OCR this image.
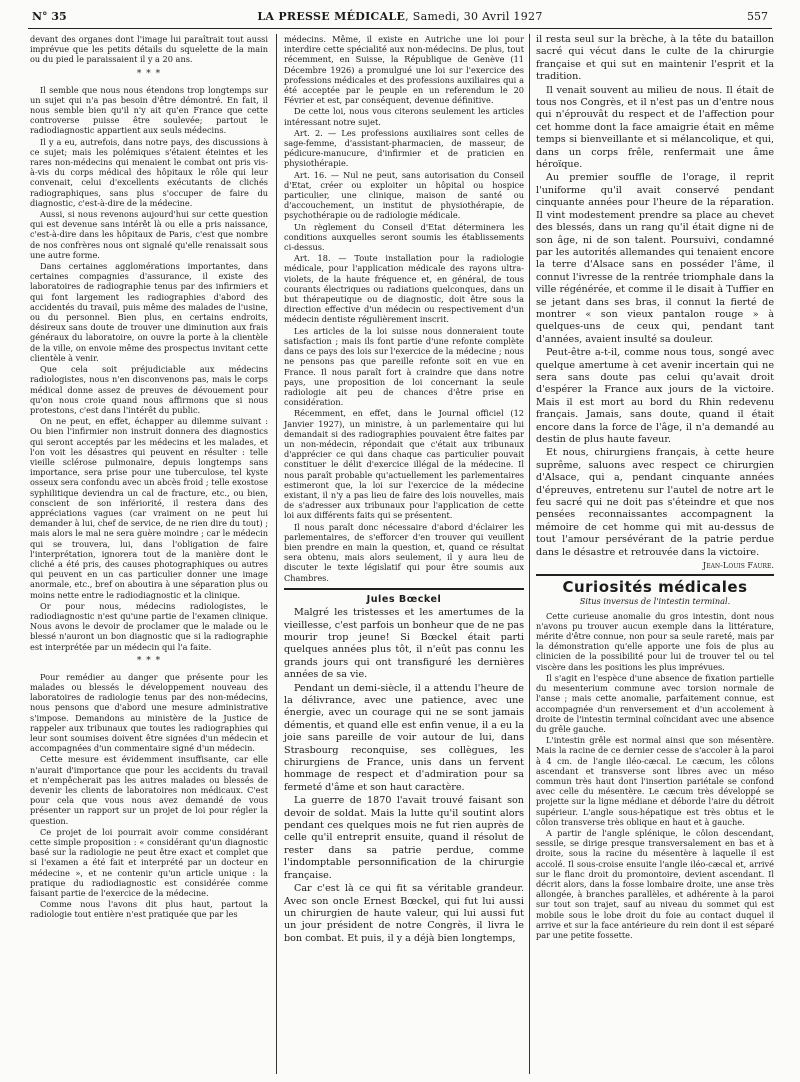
N° 35	LA PRESSE MÉDICALE, Samedi, 30 Avril 1927	557

devant des organes dont l'image lui paraîtrait tout aussi imprévue que les petits détails du squelette de la main ou du pied le paraissaient il y a 20 ans.

* * *

Il semble que nous nous étendons trop longtemps sur un sujet qui n'a pas besoin d'être démontré. En fait, il nous semble bien qu'il n'y ait qu'en France que cette controverse puisse être soulevée; partout le radiodiagnostic appartient aux seuls médecins.

Il y a eu, autrefois, dans notre pays, des discussions à ce sujet; mais les polémiques s'étaient éteintes et les rares non-médecins qui menaient le combat ont pris vis-à-vis du corps médical des hôpitaux le rôle qui leur convenait, celui d'excellents exécutants de clichés radiographiques, sans plus s'occuper de faire du diagnostic, c'est-à-dire de la médecine.

Aussi, si nous revenons aujourd'hui sur cette question qui est devenue sans intérêt là ou elle a pris naissance, c'est-à-dire dans les hôpitaux de Paris, c'est que nombre de nos confrères nous ont signalé qu'elle renaissait sous une autre forme.

Dans certaines agglomérations importantes, dans certaines compagnies d'assurance, il existe des laboratoires de radiographie tenus par des infirmiers et qui font largement les radiographies d'abord des accidentés du travail, puis même des malades de l'usine, ou du personnel. Bien plus, en certains endroits, désireux sans doute de trouver une diminution aux frais généraux du laboratoire, on ouvre la porte à la clientèle de la ville, on envoie même des prospectus invitant cette clientèle à venir.

Que cela soit préjudiciable aux médecins radiologistes, nous n'en disconvenons pas, mais le corps médical donne assez de preuves de dévouement pour qu'on nous croie quand nous affirmons que si nous protestons, c'est dans l'intérêt du public.

On ne peut, en effet, échapper au dilemme suivant : Ou bien l'infirmier non instruit donnera des diagnostics qui seront acceptés par les médecins et les malades, et l'on voit les désastres qui peuvent en résulter : telle vieille sclérose pulmonaire, depuis longtemps sans importance, sera prise pour une tuberculose, tel kyste osseux sera confondu avec un abcès froid ; telle exostose syphilitique deviendra un cal de fracture, etc., ou bien, conscient de son infériorité, il restera dans des appréciations vagues (car vraiment on ne peut lui demander à lui, chef de service, de ne rien dire du tout) ; mais alors le mal ne sera guère moindre ; car le médecin qui se trouvera, lui, dans l'obligation de faire l'interprétation, ignorera tout de la manière dont le cliché a été pris, des causes photographiques ou autres qui peuvent en un cas particulier donner une image anormale, etc., bref on aboutira à une séparation plus ou moins nette entre le radiodiagnostic et la clinique.

Or pour nous, médecins radiologistes, le radiodiagnostic n'est qu'une partie de l'examen clinique. Nous avons le devoir de proclamer que le malade ou le blessé n'auront un bon diagnostic que si la radiographie est interprétée par un médecin qui l'a faite.

* * *

Pour remédier au danger que présente pour les malades ou blessés le développement nouveau des laboratoires de radiologie tenus par des non-médecins, nous pensons que d'abord une mesure administrative s'impose. Demandons au ministère de la Justice de rappeler aux tribunaux que toutes les radiographies qui leur sont soumises doivent être signées d'un médecin et accompagnées d'un commentaire signé d'un médecin.

Cette mesure est évidemment insuffisante, car elle n'aurait d'importance que pour les accidents du travail et n'empêcherait pas les autres malades ou blessés de devenir les clients de laboratoires non médicaux. C'est pour cela que vous nous avez demandé de vous présenter un rapport sur un projet de loi pour régler la question.

Ce projet de loi pourrait avoir comme considérant cette simple proposition : « considérant qu'un diagnostic basé sur la radiologie ne peut être exact et complet que si l'examen a été fait et interprété par un docteur en médecine », et ne contenir qu'un article unique : la pratique du radiodiagnostic est considérée comme faisant partie de l'exercice de la médecine.

Comme nous l'avons dit plus haut, partout la radiologie tout entière n'est pratiquée que par les

médecins. Même, il existe en Autriche une loi pour interdire cette spécialité aux non-médecins. De plus, tout récemment, en Suisse, la République de Genève (11 Décembre 1926) a promulgué une loi sur l'exercice des professions médicales et des professions auxiliaires qui a été acceptée par le peuple en un referendum le 20 Février et est, par conséquent, devenue définitive.

De cette loi, nous vous citerons seulement les articles intéressant notre sujet.

Art. 2. — Les professions auxiliaires sont celles de sage-femme, d'assistant-pharmacien, de masseur, de pédicure-manucure, d'infirmier et de praticien en physiothérapie.

Art. 16. — Nul ne peut, sans autorisation du Conseil d'Etat, créer ou exploiter un hôpital ou hospice particulier, une clinique, maison de santé ou d'accouchement, un institut de physiothérapie, de psychothérapie ou de radiologie médicale.

Un règlement du Conseil d'Etat déterminera les conditions auxquelles seront soumis les établissements ci-dessus.

Art. 18. — Toute installation pour la radiologie médicale, pour l'application médicale des rayons ultra-violets, de la haute fréquence et, en général, de tous courants électriques ou radiations quelconques, dans un but thérapeutique ou de diagnostic, doit être sous la direction effective d'un médecin ou respectivement d'un médecin dentiste régulièrement inscrit.

Les articles de la loi suisse nous donneraient toute satisfaction ; mais ils font partie d'une refonte complète dans ce pays des lois sur l'exercice de la médecine ; nous ne pensons pas que pareille refonte soit en vue en France. Il nous paraît fort à craindre que dans notre pays, une proposition de loi concernant la seule radiologie ait peu de chances d'être prise en considération.

Récemment, en effet, dans le Journal officiel (12 Janvier 1927), un ministre, à un parlementaire qui lui demandait si des radiographies pouvaient être faites par un non-médecin, répondait que c'était aux tribunaux d'apprécier ce qui dans chaque cas particulier pouvait constituer le délit d'exercice illégal de la médecine. Il nous paraît probable qu'actuellement les parlementaires estimeront que, la loi sur l'exercice de la médecine existant, il n'y a pas lieu de faire des lois nouvelles, mais de s'adresser aux tribunaux pour l'application de cette loi aux différents faits qui se présentent.

Il nous paraît donc nécessaire d'abord d'éclairer les parlementaires, de s'efforcer d'en trouver qui veuillent bien prendre en main la question, et, quand ce résultat sera obtenu, mais alors seulement, il y aura lieu de discuter le texte législatif qui pour être soumis aux Chambres.

Jules Bœckel

Malgré les tristesses et les amertumes de la vieillesse, c'est parfois un bonheur que de ne pas mourir trop jeune! Si Bœckel était parti quelques années plus tôt, il n'eût pas connu les grands jours qui ont transfiguré les dernières années de sa vie.

Pendant un demi-siècle, il a attendu l'heure de la délivrance, avec une patience, avec une énergie, avec un courage qui ne se sont jamais démentis, et quand elle est enfin venue, il a eu la joie sans pareille de voir autour de lui, dans Strasbourg reconquise, ses collègues, les chirurgiens de France, unis dans un fervent hommage de respect et d'admiration pour sa fermeté d'âme et son haut caractère.

La guerre de 1870 l'avait trouvé faisant son devoir de soldat. Mais la lutte qu'il soutint alors pendant ces quelques mois ne fut rien auprès de celle qu'il entreprit ensuite, quand il résolut de rester dans sa patrie perdue, comme l'indomptable personnification de la chirurgie française.

Car c'est là ce qui fit sa véritable grandeur. Avec son oncle Ernest Bœckel, qui fut lui aussi un chirurgien de haute valeur, qui lui aussi fut un jour président de notre Congrès, il livra le bon combat. Et puis, il y a déjà bien longtemps,

il resta seul sur la brèche, à la tête du bataillon sacré qui vécut dans le culte de la chirurgie française et qui sut en maintenir l'esprit et la tradition.

Il venait souvent au milieu de nous. Il était de tous nos Congrès, et il n'est pas un d'entre nous qui n'éprouvât du respect et de l'affection pour cet homme dont la face amaigrie était en même temps si bienveillante et si mélancolique, et qui, dans un corps frêle, renfermait une âme héroïque.

Au premier souffle de l'orage, il reprit l'uniforme qu'il avait conservé pendant cinquante années pour l'heure de la réparation. Il vint modestement prendre sa place au chevet des blessés, dans un rang qu'il était digne ni de son âge, ni de son talent. Poursuivi, condamné par les autorités allemandes qui tenaient encore la terre d'Alsace sans en posséder l'âme, il connut l'ivresse de la rentrée triomphale dans la ville régénérée, et comme il le disait à Tuffier en se jetant dans ses bras, il connut la fierté de montrer « son vieux pantalon rouge » à quelques-uns de ceux qui, pendant tant d'années, avaient insulté sa douleur.

Peut-être a-t-il, comme nous tous, songé avec quelque amertume à cet avenir incertain qui ne sera sans doute pas celui qu'avait droit d'espérer la France aux jours de la victoire. Mais il est mort au bord du Rhin redevenu français. Jamais, sans doute, quand il était encore dans la force de l'âge, il n'a demandé au destin de plus haute faveur.

Et nous, chirurgiens français, à cette heure suprême, saluons avec respect ce chirurgien d'Alsace, qui a, pendant cinquante années d'épreuves, entretenu sur l'autel de notre art le feu sacré qui ne doit pas s'éteindre et que nos pensées reconnaissantes accompagnent la mémoire de cet homme qui mit au-dessus de tout l'amour persévérant de la patrie perdue dans le désastre et retrouvée dans la victoire.

Jean-Louis Faure.

Curiosités médicales

Situs inversus de l'intestin terminal.

Cette curieuse anomalie du gros intestin, dont nous n'avons pu trouver aucun exemple dans la littérature, mérite d'être connue, non pour sa seule rareté, mais par la démonstration qu'elle apporte une fois de plus au clinicien de la possibilité pour lui de trouver tel ou tel viscère dans les positions les plus imprévues.

Il s'agit en l'espèce d'une absence de fixation partielle du mesenterium commune avec torsion normale de l'anse ; mais cette anomalie, parfaitement connue, est accompagnée d'un renversement et d'un accolement à droite de l'intestin terminal coïncidant avec une absence du grêle gauche.

L'intestin grêle est normal ainsi que son mésentère. Mais la racine de ce dernier cesse de s'accoler à la paroi à 4 cm. de l'angle iléo-cæcal. Le cæcum, les côlons ascendant et transverse sont libres avec un méso commun très haut dont l'insertion pariétale se confond avec celle du mésentère. Le cæcum très développé se projette sur la ligne médiane et déborde l'aire du détroit supérieur. L'angle sous-hépatique est très obtus et le côlon transverse très oblique en haut et à gauche.

A partir de l'angle splénique, le côlon descendant, sessile, se dirige presque transversalement en bas et à droite, sous la racine du mésentère à laquelle il est accolé. Il sous-croise ensuite l'angle iléo-cæcal et, arrivé sur le flanc droit du promontoire, devient ascendant. Il décrit alors, dans la fosse lombaire droite, une anse très allongée, à branches parallèles, et adhérente à la paroi sur tout son trajet, sauf au niveau du sommet qui est mobile sous le lobe droit du foie au contact duquel il arrive et sur la face antérieure du rein dont il est séparé par une petite fossette.
